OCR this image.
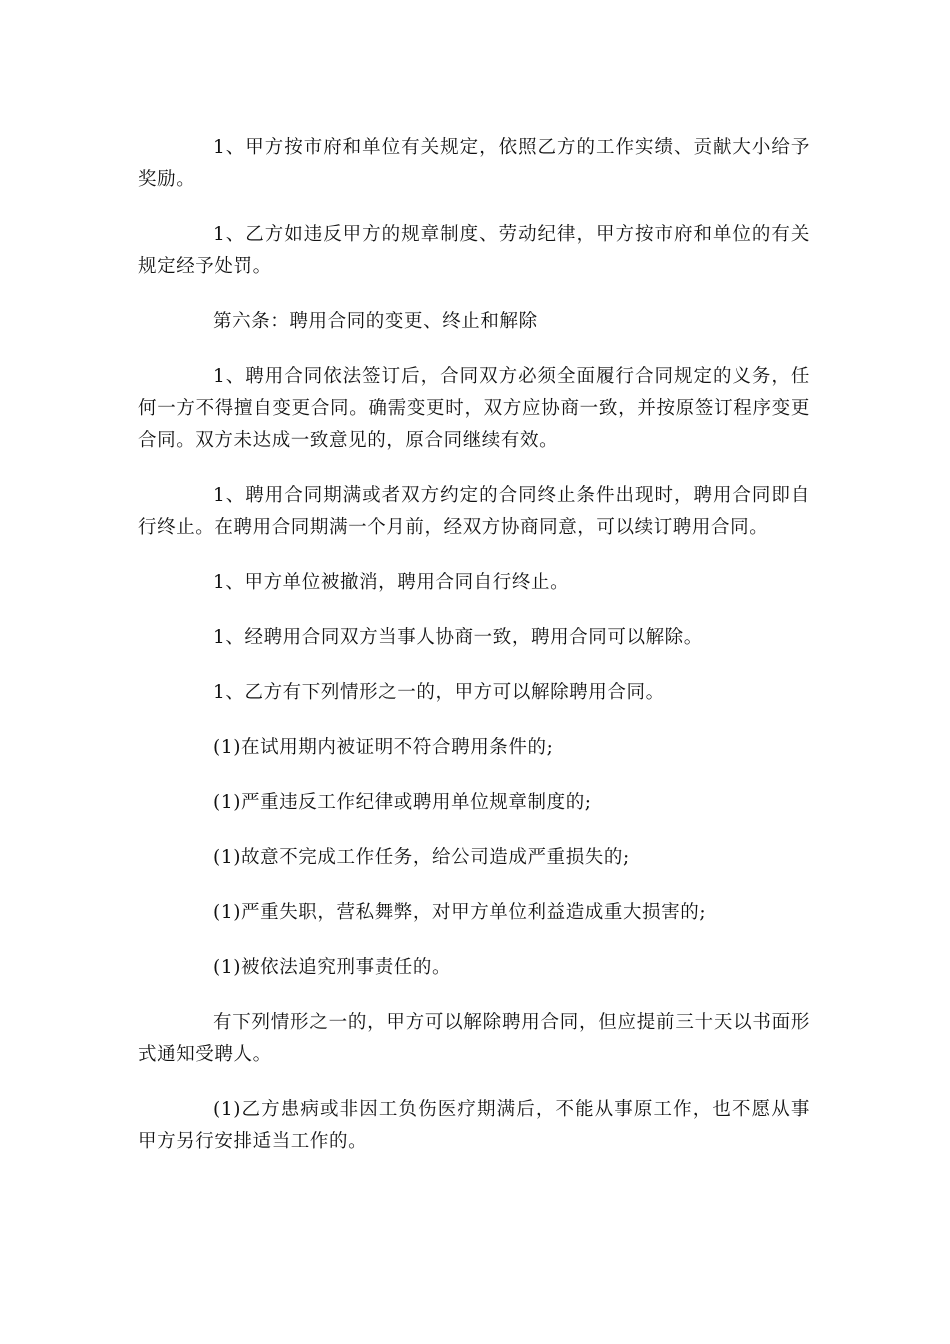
1、甲方按市府和单位有关规定，依照乙方的工作实绩、贡献大小给予奖励。

1、乙方如违反甲方的规章制度、劳动纪律，甲方按市府和单位的有关规定经予处罚。

第六条：聘用合同的变更、终止和解除

1、聘用合同依法签订后，合同双方必须全面履行合同规定的义务，任何一方不得擅自变更合同。确需变更时，双方应协商一致，并按原签订程序变更合同。双方未达成一致意见的，原合同继续有效。

1、聘用合同期满或者双方约定的合同终止条件出现时，聘用合同即自行终止。在聘用合同期满一个月前，经双方协商同意，可以续订聘用合同。

1、甲方单位被撤消，聘用合同自行终止。

1、经聘用合同双方当事人协商一致，聘用合同可以解除。

1、乙方有下列情形之一的，甲方可以解除聘用合同。

(1)在试用期内被证明不符合聘用条件的;

(1)严重违反工作纪律或聘用单位规章制度的;

(1)故意不完成工作任务，给公司造成严重损失的;

(1)严重失职，营私舞弊，对甲方单位利益造成重大损害的;

(1)被依法追究刑事责任的。

有下列情形之一的，甲方可以解除聘用合同，但应提前三十天以书面形式通知受聘人。

(1)乙方患病或非因工负伤医疗期满后，不能从事原工作，也不愿从事甲方另行安排适当工作的。
